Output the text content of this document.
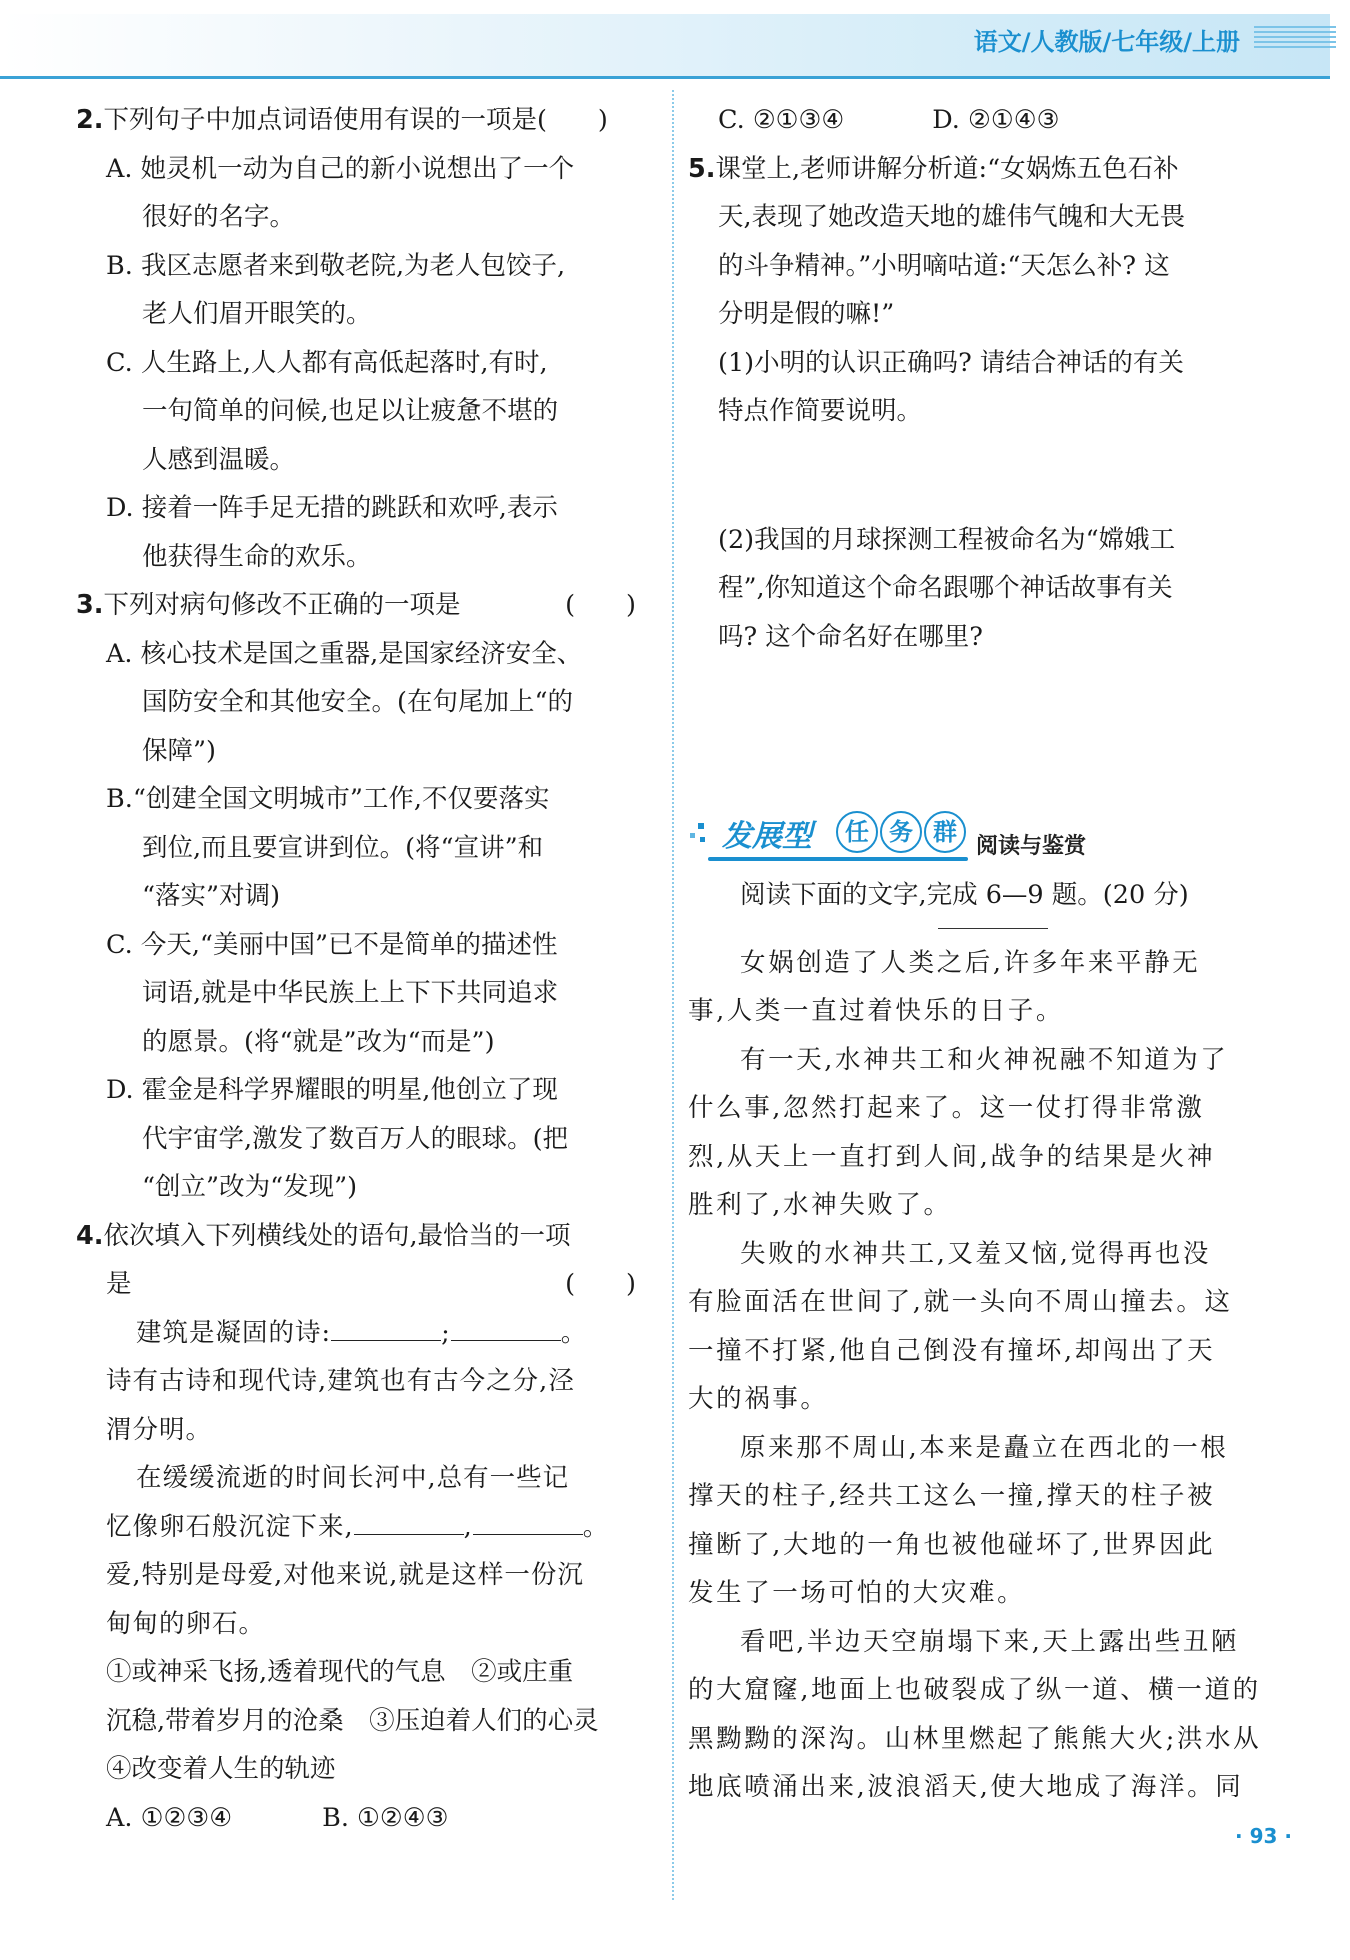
语文/人教版/七年级/上册
2.下列句子中加点词语使用有误的一项是(　　)
A. 她灵机一动为自己的新小说想出了一个
很好的名字。
B. 我区志愿者来到敬老院,为老人包饺子,
老人们眉开眼笑的。
C. 人生路上,人人都有高低起落时,有时,
一句简单的问候,也足以让疲惫不堪的
人感到温暖。
D. 接着一阵手足无措的跳跃和欢呼,表示
他获得生命的欢乐。
3.下列对病句修改不正确的一项是	(　　)
A. 核心技术是国之重器,是国家经济安全、
国防安全和其他安全。(在句尾加上“的
保障”)
B.“创建全国文明城市”工作,不仅要落实
到位,而且要宣讲到位。(将“宣讲”和
“落实”对调)
C. 今天,“美丽中国”已不是简单的描述性
词语,就是中华民族上上下下共同追求
的愿景。(将“就是”改为“而是”)
D. 霍金是科学界耀眼的明星,他创立了现
代宇宙学,激发了数百万人的眼球。(把
“创立”改为“发现”)
4.依次填入下列横线处的语句,最恰当的一项
是	(　　)
建筑是凝固的诗:	;	。
诗有古诗和现代诗,建筑也有古今之分,泾
渭分明。
在缓缓流逝的时间长河中,总有一些记
忆像卵石般沉淀下来,	,	。
爱,特别是母爱,对他来说,就是这样一份沉
甸甸的卵石。
①或神采飞扬,透着现代的气息　②或庄重
沉稳,带着岁月的沧桑　③压迫着人们的心灵
④改变着人生的轨迹
A. ①②③④	B. ①②④③
C. ②①③④	D. ②①④③
5.课堂上,老师讲解分析道:“女娲炼五色石补
天,表现了她改造天地的雄伟气魄和大无畏
的斗争精神。”小明嘀咕道:“天怎么补? 这
分明是假的嘛!”
(1)小明的认识正确吗? 请结合神话的有关
特点作简要说明。
(2)我国的月球探测工程被命名为“嫦娥工
程”,你知道这个命名跟哪个神话故事有关
吗? 这个命名好在哪里?
发展型	任 务 群
阅读与鉴赏
阅读下面的文字,完成 6—9 题。(20 分)
女娲创造了人类之后,许多年来平静无
事,人类一直过着快乐的日子。
有一天,水神共工和火神祝融不知道为了
什么事,忽然打起来了。这一仗打得非常激
烈,从天上一直打到人间,战争的结果是火神
胜利了,水神失败了。
失败的水神共工,又羞又恼,觉得再也没
有脸面活在世间了,就一头向不周山撞去。这
一撞不打紧,他自己倒没有撞坏,却闯出了天
大的祸事。
原来那不周山,本来是矗立在西北的一根
撑天的柱子,经共工这么一撞,撑天的柱子被
撞断了,大地的一角也被他碰坏了,世界因此
发生了一场可怕的大灾难。
看吧,半边天空崩塌下来,天上露出些丑陋
的大窟窿,地面上也破裂成了纵一道、横一道的
黑黝黝的深沟。山林里燃起了熊熊大火;洪水从
地底喷涌出来,波浪滔天,使大地成了海洋。同
· 93 ·
